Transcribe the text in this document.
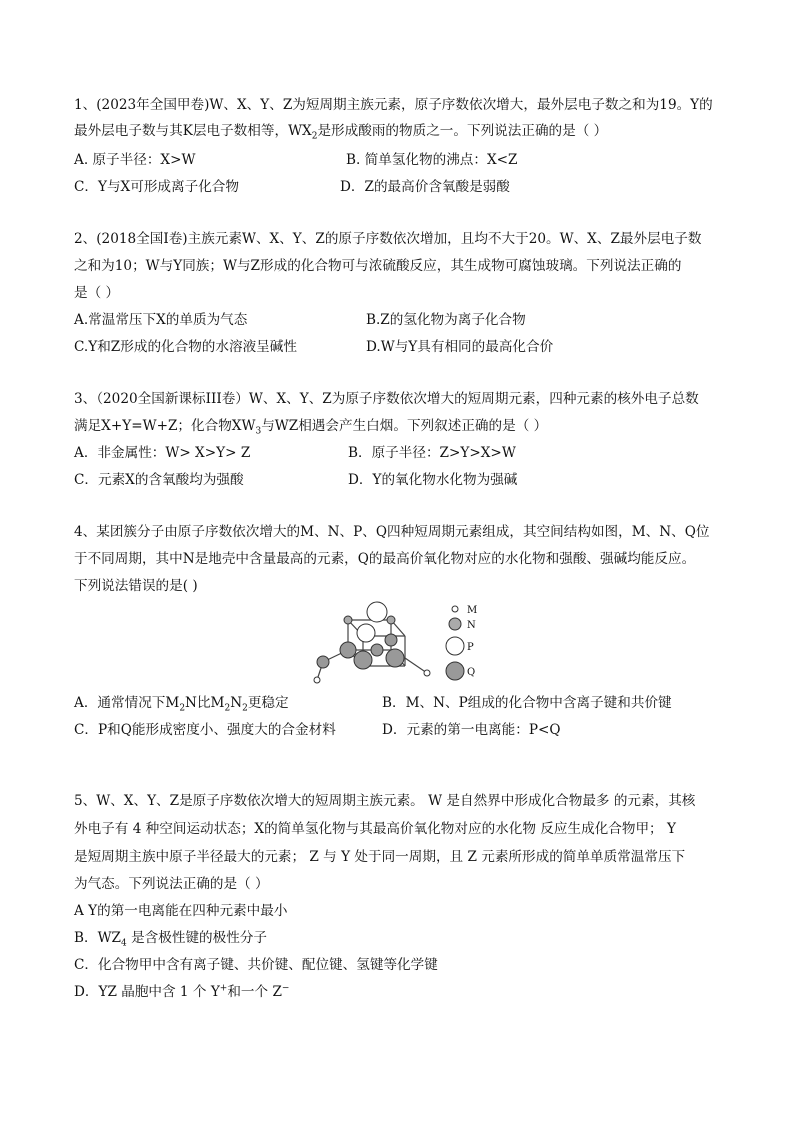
1、(2023年全国甲卷)W、X、Y、Z为短周期主族元素，原子序数依次增大，最外层电子数之和为19。Y的
最外层电子数与其K层电子数相等，$WX_2$是形成酸雨的物质之一。下列说法正确的是（ ）
A. 原子半径：X>W	B. 简单氢化物的沸点：X<Z
C．Y与X可形成离子化合物	D．Z的最高价含氧酸是弱酸
2、(2018全国Ⅰ卷)主族元素W、X、Y、Z的原子序数依次增加，且均不大于20。W、X、Z最外层电子数
之和为10；W与Y同族；W与Z形成的化合物可与浓硫酸反应，其生成物可腐蚀玻璃。下列说法正确的
是（ ）
A.常温常压下X的单质为气态	B.Z的氢化物为离子化合物
C.Y和Z形成的化合物的水溶液呈碱性	D.W与Y具有相同的最高化合价
3、（2020全国新课标III卷）W、X、Y、Z为原子序数依次增大的短周期元素，四种元素的核外电子总数
满足X+Y=W+Z；化合物$XW_3$与WZ相遇会产生白烟。下列叙述正确的是（ ）
A．非金属性：W> X>Y> Z	B．原子半径：Z>Y>X>W
C．元素X的含氧酸均为强酸	D．Y的氧化物水化物为强碱
4、某团簇分子由原子序数依次增大的M、N、P、Q四种短周期元素组成，其空间结构如图，M、N、Q位
于不同周期，其中N是地壳中含量最高的元素，Q的最高价氧化物对应的水化物和强酸、强碱均能反应。
下列说法错误的是( )
M
N
P
Q
A．通常情况下$M_2N$比$M_2N_2$更稳定	B．M、N、P组成的化合物中含离子键和共价键
C．P和Q能形成密度小、强度大的合金材料	D．元素的第一电离能：P<Q
5、W、X、Y、Z是原子序数依次增大的短周期主族元素。 W 是自然界中形成化合物最多 的元素，其核
外电子有 4 种空间运动状态；X的简单氢化物与其最高价氧化物对应的水化物 反应生成化合物甲； Y
是短周期主族中原子半径最大的元素； Z 与 Y 处于同一周期，且 Z 元素所形成的简单单质常温常压下
为气态。下列说法正确的是（ ）
A Y的第一电离能在四种元素中最小
B．$WZ_4$ 是含极性键的极性分子
C．化合物甲中含有离子键、共价键、配位键、氢键等化学键
D．YZ 晶胞中含 1 个 Y+和一个 Z−
